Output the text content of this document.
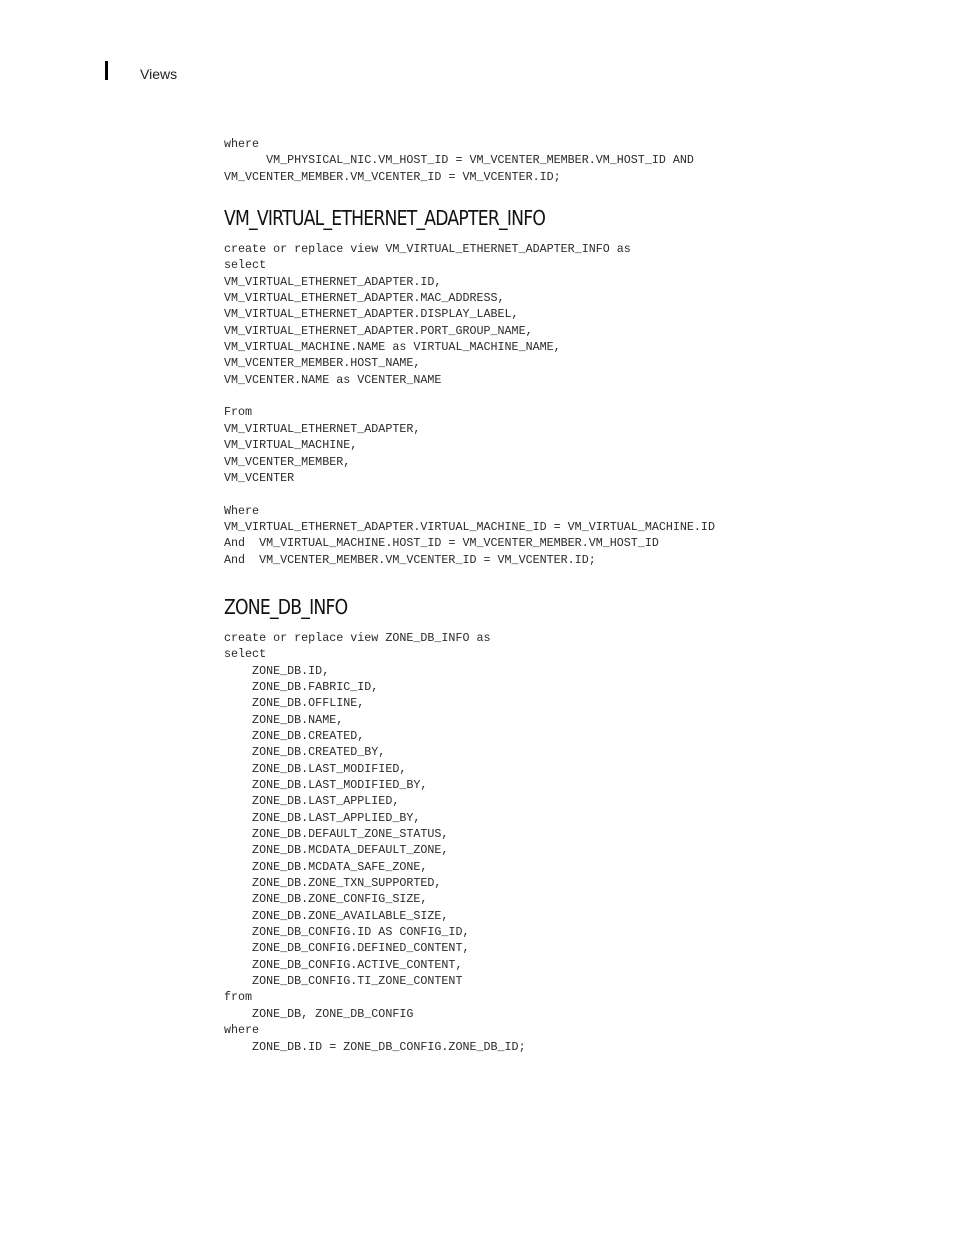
Views
where
VM_PHYSICAL_NIC.VM_HOST_ID = VM_VCENTER_MEMBER.VM_HOST_ID AND
VM_VCENTER_MEMBER.VM_VCENTER_ID = VM_VCENTER.ID;
VM_VIRTUAL_ETHERNET_ADAPTER_INFO
create or replace view VM_VIRTUAL_ETHERNET_ADAPTER_INFO as
select
VM_VIRTUAL_ETHERNET_ADAPTER.ID,
VM_VIRTUAL_ETHERNET_ADAPTER.MAC_ADDRESS,
VM_VIRTUAL_ETHERNET_ADAPTER.DISPLAY_LABEL,
VM_VIRTUAL_ETHERNET_ADAPTER.PORT_GROUP_NAME,
VM_VIRTUAL_MACHINE.NAME as VIRTUAL_MACHINE_NAME,
VM_VCENTER_MEMBER.HOST_NAME,
VM_VCENTER.NAME as VCENTER_NAME

From
VM_VIRTUAL_ETHERNET_ADAPTER,
VM_VIRTUAL_MACHINE,
VM_VCENTER_MEMBER,
VM_VCENTER

Where
VM_VIRTUAL_ETHERNET_ADAPTER.VIRTUAL_MACHINE_ID = VM_VIRTUAL_MACHINE.ID
And  VM_VIRTUAL_MACHINE.HOST_ID = VM_VCENTER_MEMBER.VM_HOST_ID
And  VM_VCENTER_MEMBER.VM_VCENTER_ID = VM_VCENTER.ID;
ZONE_DB_INFO
create or replace view ZONE_DB_INFO as
select
ZONE_DB.ID,
ZONE_DB.FABRIC_ID,
ZONE_DB.OFFLINE,
ZONE_DB.NAME,
ZONE_DB.CREATED,
ZONE_DB.CREATED_BY,
ZONE_DB.LAST_MODIFIED,
ZONE_DB.LAST_MODIFIED_BY,
ZONE_DB.LAST_APPLIED,
ZONE_DB.LAST_APPLIED_BY,
ZONE_DB.DEFAULT_ZONE_STATUS,
ZONE_DB.MCDATA_DEFAULT_ZONE,
ZONE_DB.MCDATA_SAFE_ZONE,
ZONE_DB.ZONE_TXN_SUPPORTED,
ZONE_DB.ZONE_CONFIG_SIZE,
ZONE_DB.ZONE_AVAILABLE_SIZE,
ZONE_DB_CONFIG.ID AS CONFIG_ID,
ZONE_DB_CONFIG.DEFINED_CONTENT,
ZONE_DB_CONFIG.ACTIVE_CONTENT,
ZONE_DB_CONFIG.TI_ZONE_CONTENT
from
ZONE_DB, ZONE_DB_CONFIG
where
ZONE_DB.ID = ZONE_DB_CONFIG.ZONE_DB_ID;
